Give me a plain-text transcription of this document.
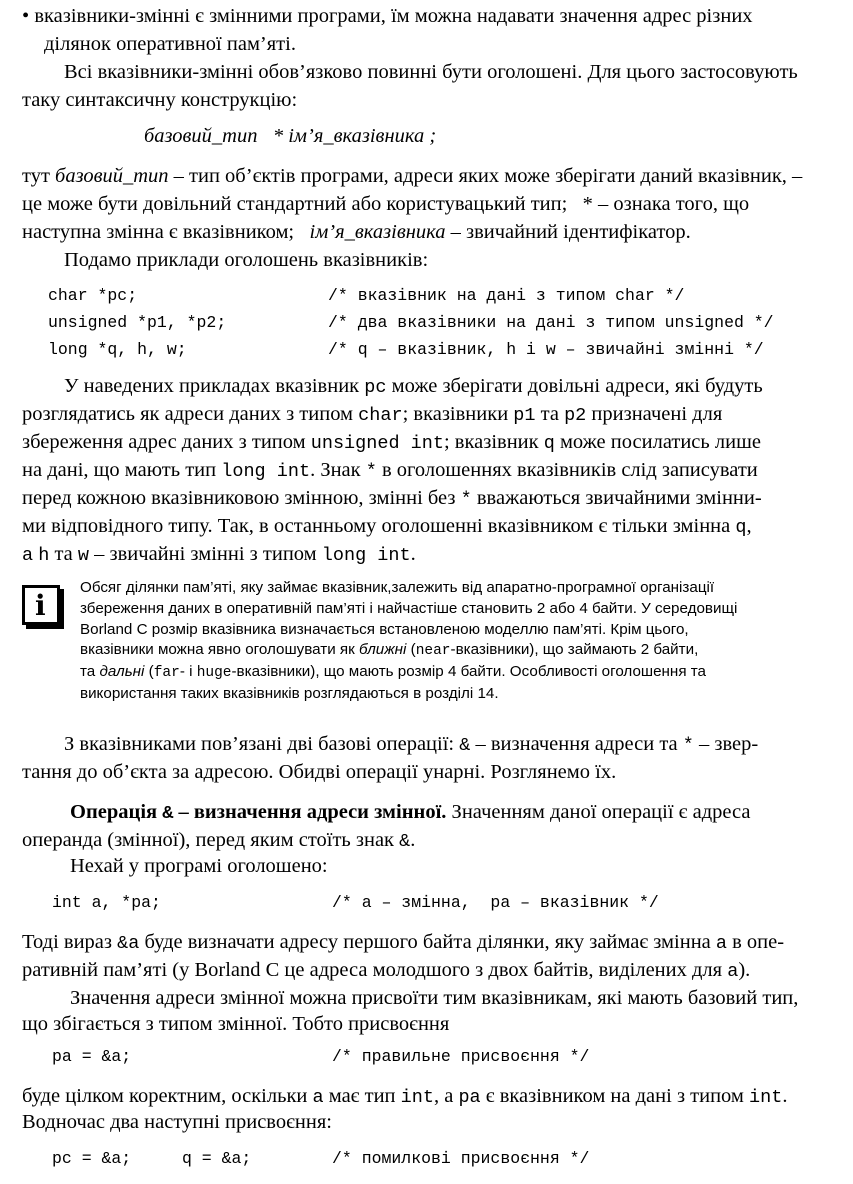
• вказівники-змінні є змінними програми, їм можна надавати значення адрес різних
ділянок оперативної пам’яті.
Всі вказівники-змінні обов’язково повинні бути оголошені. Для цього застосовують
таку синтаксичну конструкцію:
базовий_тип   * ім’я_вказівника ;
тут базовий_тип – тип об’єктів програми, адреси яких може зберігати даний вказівник, –
це може бути довільний стандартний або користувацький тип;   * – ознака того, що
наступна змінна є вказівником;   ім’я_вказівника – звичайний ідентифікатор.
Подамо приклади оголошень вказівників:
char *pc;	/* вказівник на дані з типом char */
unsigned *p1, *p2;	/* два вказівники на дані з типом unsigned */
long *q, h, w;	/* q – вказівник, h і w – звичайні змінні */
У наведених прикладах вказівник pc може зберігати довільні адреси, які будуть
розглядатись як адреси даних з типом char; вказівники p1 та p2 призначені для
збереження адрес даних з типом unsigned int; вказівник q може посилатись лише
на дані, що мають тип long int. Знак * в оголошеннях вказівників слід записувати
перед кожною вказівниковою змінною, змінні без * вважаються звичайними змінни-
ми відповідного типу. Так, в останньому оголошенні вказівником є тільки змінна q,
a h та w – звичайні змінні з типом long int.
i
Обсяг ділянки пам’яті, яку займає вказівник,залежить від апаратно-програмної організації
збереження даних в оперативній пам’яті і найчастіше становить 2 або 4 байти. У середовищі
Borland C розмір вказівника визначається встановленою моделлю пам’яті. Крім цього,
вказівники можна явно оголошувати як ближні (near-вказівники), що займають 2 байти,
та дальні (far- і huge-вказівники), що мають розмір 4 байти. Особливості оголошення та
використання таких вказівників розглядаються в розділі 14.
З вказівниками пов’язані дві базові операції: & – визначення адреси та * – звер-
тання до об’єкта за адресою. Обидві операції унарні. Розглянемо їх.
Операція & – визначення адреси змінної. Значенням даної операції є адреса
операнда (змінної), перед яким стоїть знак &.
Нехай у програмі оголошено:
int a, *pa;	/* a – змінна,  pa – вказівник */
Тоді вираз &a буде визначати адресу першого байта ділянки, яку займає змінна a в опе-
ративній пам’яті (у Borland C це адреса молодшого з двох байтів, виділених для a).
Значення адреси змінної можна присвоїти тим вказівникам, які мають базовий тип,
що збігається з типом змінної. Тобто присвоєння
pa = &a;	/* правильне присвоєння */
буде цілком коректним, оскільки a має тип int, а pa є вказівником на дані з типом int.
Водночас два наступні присвоєння:
pc = &a;	q = &a;	/* помилкові присвоєння */
